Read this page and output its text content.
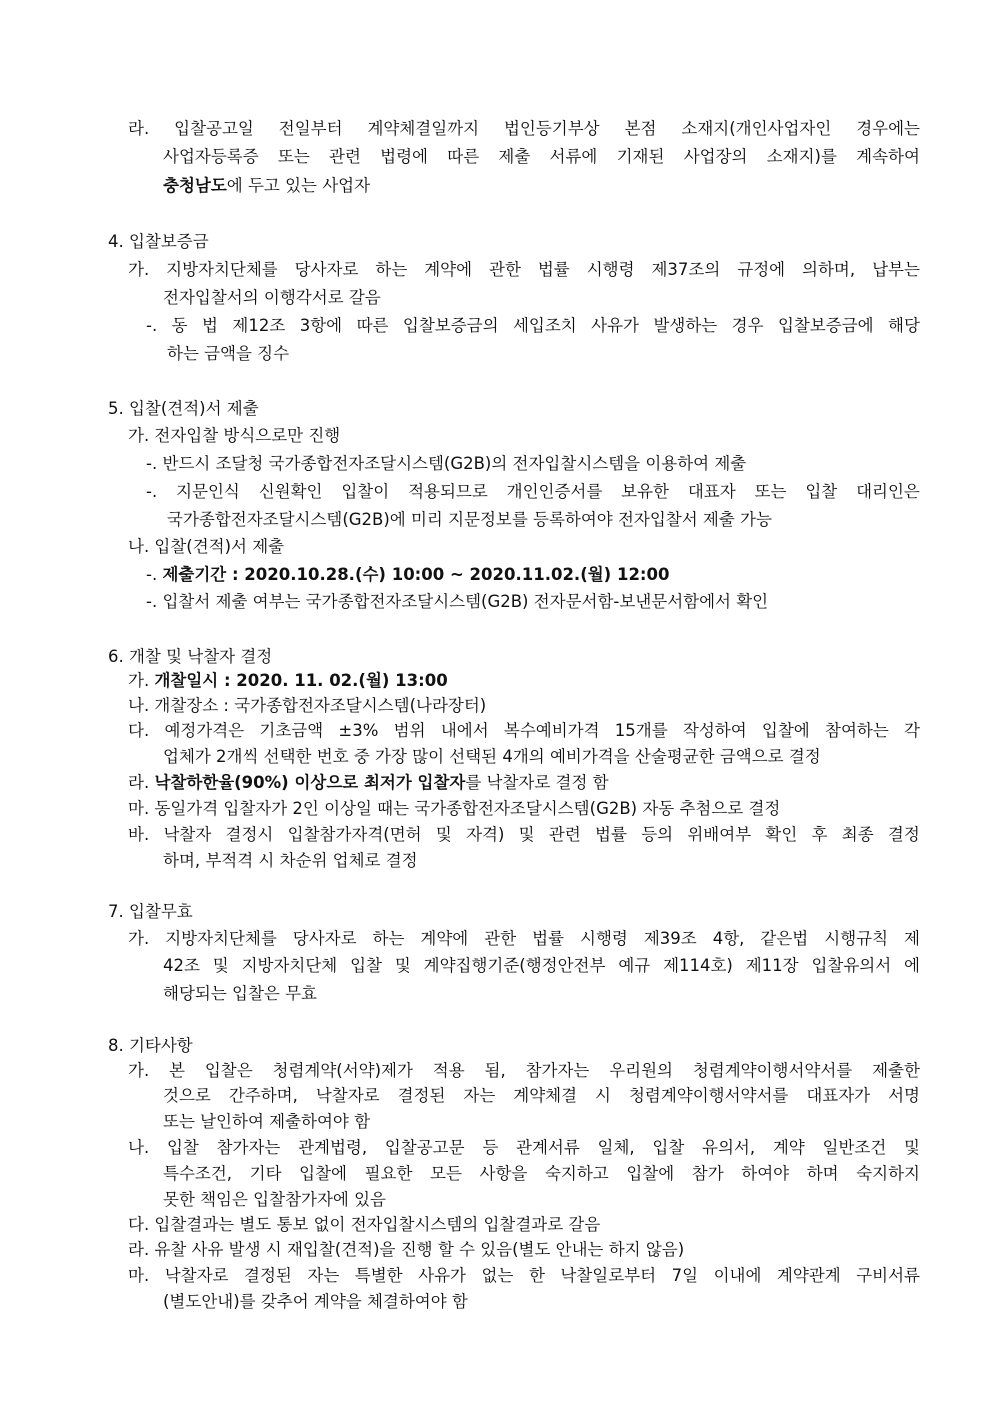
라. 입찰공고일 전일부터 계약체결일까지 법인등기부상 본점 소재지(개인사업자인 경우에는
사업자등록증 또는 관련 법령에 따른 제출 서류에 기재된 사업장의 소재지)를 계속하여
충청남도에 두고 있는 사업자
4. 입찰보증금
가. 지방자치단체를 당사자로 하는 계약에 관한 법률 시행령 제37조의 규정에 의하며, 납부는
전자입찰서의 이행각서로 갈음
-. 동 법 제12조 3항에 따른 입찰보증금의 세입조치 사유가 발생하는 경우 입찰보증금에 해당
하는 금액을 징수
5. 입찰(견적)서 제출
가. 전자입찰 방식으로만 진행
-. 반드시 조달청 국가종합전자조달시스템(G2B)의 전자입찰시스템을 이용하여 제출
-. 지문인식 신원확인 입찰이 적용되므로 개인인증서를 보유한 대표자 또는 입찰 대리인은
국가종합전자조달시스템(G2B)에 미리 지문정보를 등록하여야 전자입찰서 제출 가능
나. 입찰(견적)서 제출
-. 제출기간 : 2020.10.28.(수) 10:00 ~ 2020.11.02.(월) 12:00
-. 입찰서 제출 여부는 국가종합전자조달시스템(G2B) 전자문서함-보낸문서함에서 확인
6. 개찰 및 낙찰자 결정
가. 개찰일시 : 2020. 11. 02.(월) 13:00
나. 개찰장소 : 국가종합전자조달시스템(나라장터)
다. 예정가격은 기초금액 ±3% 범위 내에서 복수예비가격 15개를 작성하여 입찰에 참여하는 각
업체가 2개씩 선택한 번호 중 가장 많이 선택된 4개의 예비가격을 산술평균한 금액으로 결정
라. 낙찰하한율(90%) 이상으로 최저가 입찰자를 낙찰자로 결정 함
마. 동일가격 입찰자가 2인 이상일 때는 국가종합전자조달시스템(G2B) 자동 추첨으로 결정
바. 낙찰자 결정시 입찰참가자격(면허 및 자격) 및 관련 법률 등의 위배여부 확인 후 최종 결정
하며, 부적격 시 차순위 업체로 결정
7. 입찰무효
가. 지방자치단체를 당사자로 하는 계약에 관한 법률 시행령 제39조 4항, 같은법 시행규칙 제
42조 및 지방자치단체 입찰 및 계약집행기준(행정안전부 예규 제114호) 제11장 입찰유의서 에
해당되는 입찰은 무효
8. 기타사항
가. 본 입찰은 청렴계약(서약)제가 적용 됨, 참가자는 우리원의 청렴계약이행서약서를 제출한
것으로 간주하며, 낙찰자로 결정된 자는 계약체결 시 청렴계약이행서약서를 대표자가 서명
또는 날인하여 제출하여야 함
나. 입찰 참가자는 관계법령, 입찰공고문 등 관계서류 일체, 입찰 유의서, 계약 일반조건 및
특수조건, 기타 입찰에 필요한 모든 사항을 숙지하고 입찰에 참가 하여야 하며 숙지하지
못한 책임은 입찰참가자에 있음
다. 입찰결과는 별도 통보 없이 전자입찰시스템의 입찰결과로 갈음
라. 유찰 사유 발생 시 재입찰(견적)을 진행 할 수 있음(별도 안내는 하지 않음)
마. 낙찰자로 결정된 자는 특별한 사유가 없는 한 낙찰일로부터 7일 이내에 계약관계 구비서류
(별도안내)를 갖추어 계약을 체결하여야 함
